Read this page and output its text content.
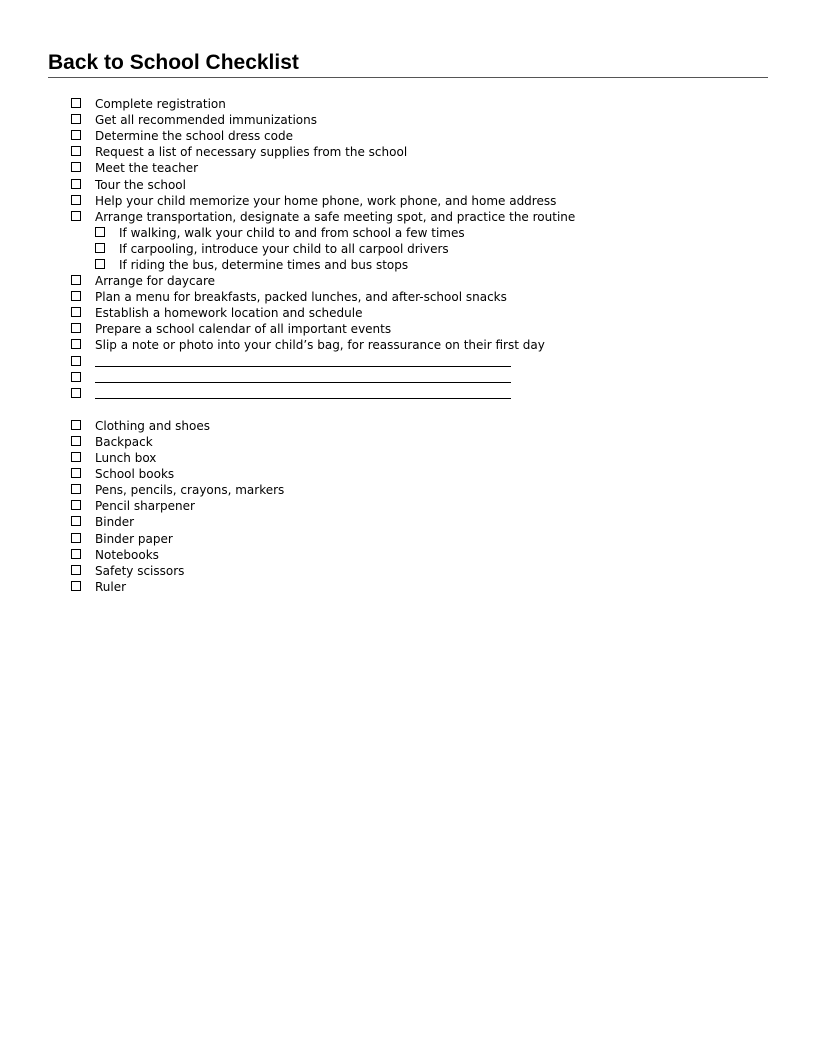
Back to School Checklist
Complete registration
Get all recommended immunizations
Determine the school dress code
Request a list of necessary supplies from the school
Meet the teacher
Tour the school
Help your child memorize your home phone, work phone, and home address
Arrange transportation, designate a safe meeting spot, and practice the routine
If walking, walk your child to and from school a few times
If carpooling, introduce your child to all carpool drivers
If riding the bus, determine times and bus stops
Arrange for daycare
Plan a menu for breakfasts, packed lunches, and after-school snacks
Establish a homework location and schedule
Prepare a school calendar of all important events
Slip a note or photo into your child’s bag, for reassurance on their first day
Clothing and shoes
Backpack
Lunch box
School books
Pens, pencils, crayons, markers
Pencil sharpener
Binder
Binder paper
Notebooks
Safety scissors
Ruler
